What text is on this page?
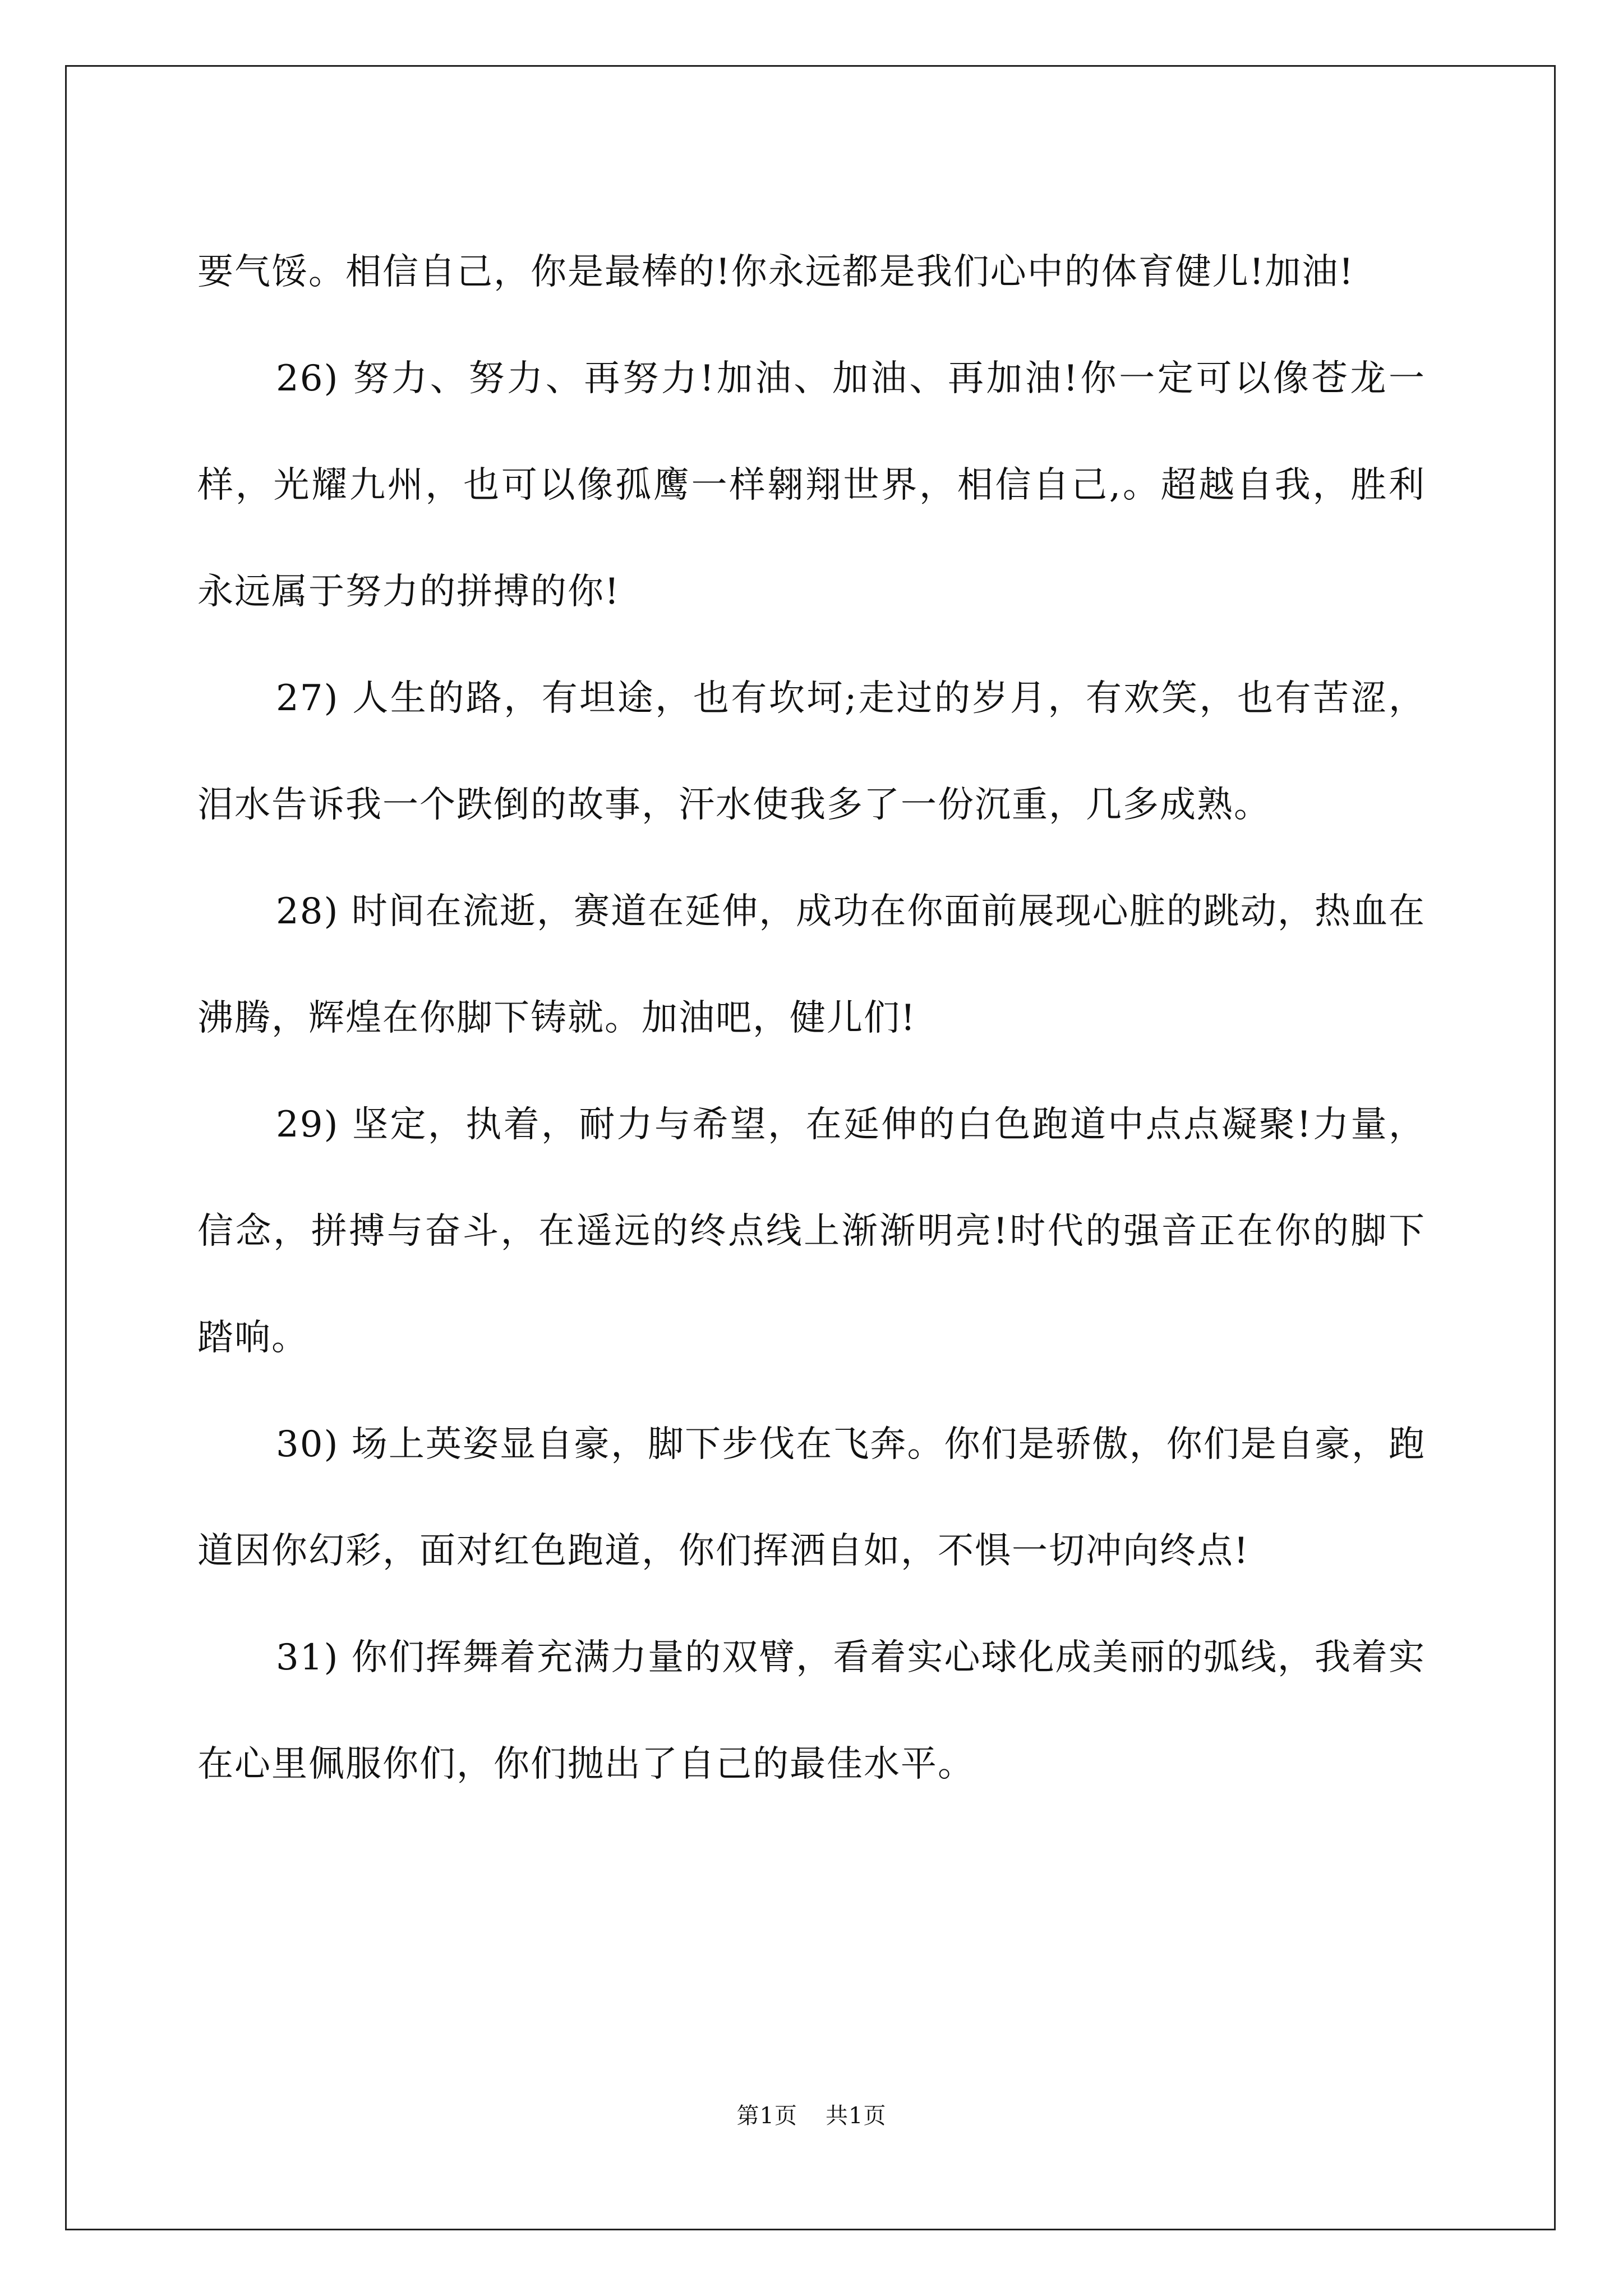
要气馁。相信自己，你是最棒的!你永远都是我们心中的体育健儿!加油!

26) 努力、努力、再努力!加油、加油、再加油!你一定可以像苍龙一样，光耀九州，也可以像孤鹰一样翱翔世界，相信自己,。超越自我，胜利永远属于努力的拼搏的你!

27) 人生的路，有坦途，也有坎坷;走过的岁月，有欢笑，也有苦涩，泪水告诉我一个跌倒的故事，汗水使我多了一份沉重，几多成熟。

28) 时间在流逝，赛道在延伸，成功在你面前展现心脏的跳动，热血在沸腾，辉煌在你脚下铸就。加油吧，健儿们!

29) 坚定，执着，耐力与希望，在延伸的白色跑道中点点凝聚!力量，信念，拼搏与奋斗，在遥远的终点线上渐渐明亮!时代的强音正在你的脚下踏响。

30) 场上英姿显自豪，脚下步伐在飞奔。你们是骄傲，你们是自豪，跑道因你幻彩，面对红色跑道，你们挥洒自如，不惧一切冲向终点!

31) 你们挥舞着充满力量的双臂，看着实心球化成美丽的弧线，我着实在心里佩服你们，你们抛出了自己的最佳水平。

第1页 共1页
